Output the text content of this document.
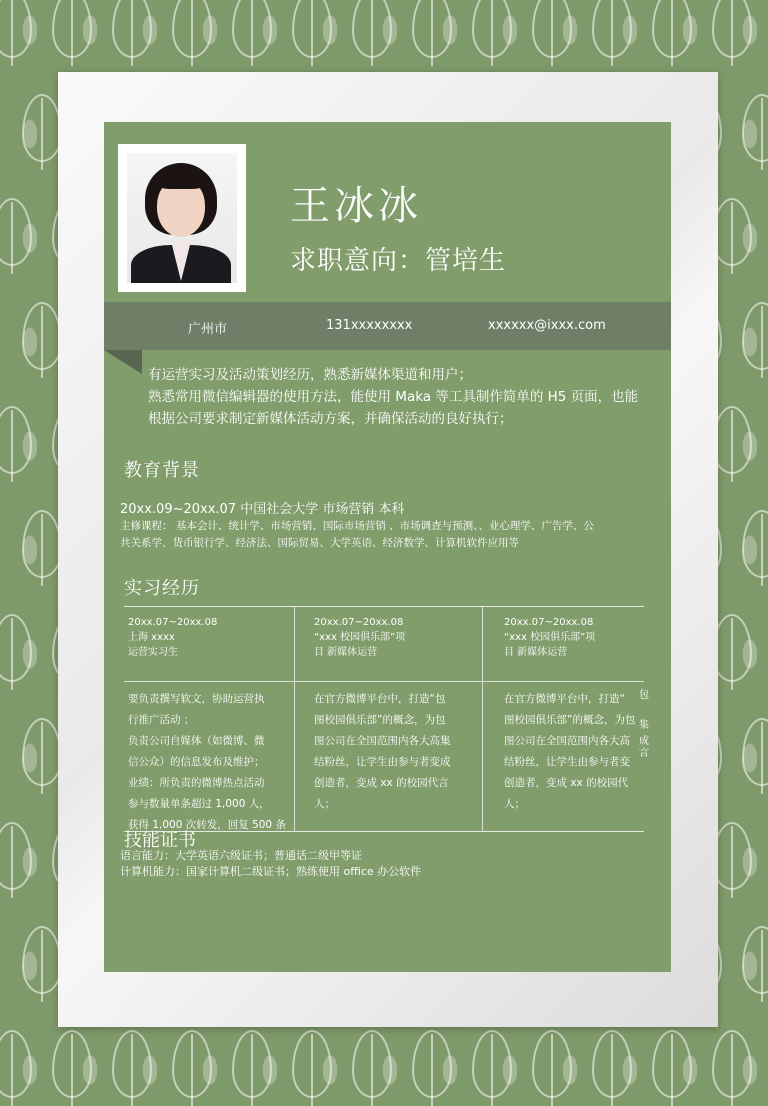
王冰冰
求职意向：管培生
广州市	131xxxxxxxx	xxxxxx@ixxx.com
有运营实习及活动策划经历，熟悉新媒体渠道和用户；
熟悉常用微信编辑器的使用方法，能使用 Maka 等工具制作简单的 H5 页面，也能
根据公司要求制定新媒体活动方案，并确保活动的良好执行；
教育背景
20xx.09~20xx.07 中国社会大学 市场营销 本科
主修课程： 基本会计、统计学、市场营销、国际市场营销 、市场调查与预测、、业心理学、广告学、公
共关系学、货币银行学、经济法、国际贸易、大学英语、经济数学、计算机软件应用等
实习经历
20xx.07~20xx.08
上海 xxxx
运营实习生
20xx.07~20xx.08
“xxx 校园俱乐部”项
目 新媒体运营
20xx.07~20xx.08
“xxx 校园俱乐部”项
目 新媒体运营
要负责撰写软文，协助运营执
行推广活动 ；
负责公司自媒体（如微博、微
信公众）的信息发布及维护；
业绩：所负责的微博热点活动
参与数量单条超过 1,000 人，
获得 1,000 次转发，回复 500 条
在官方微博平台中，打造“包
图校园俱乐部”的概念，为包
图公司在全国范围内各大高集
结粉丝，让学生由参与者变成
创造者，变成 xx 的校园代言
人；
在官方微博平台中，打造“
图校园俱乐部”的概念，为包
图公司在全国范围内各大高
结粉丝，让学生由参与者变
创造者，变成 xx 的校园代
人；
包
集
成
言
技能证书
语言能力：大学英语六级证书；普通话二级甲等证
计算机能力：国家计算机二级证书；熟练使用 office 办公软件
